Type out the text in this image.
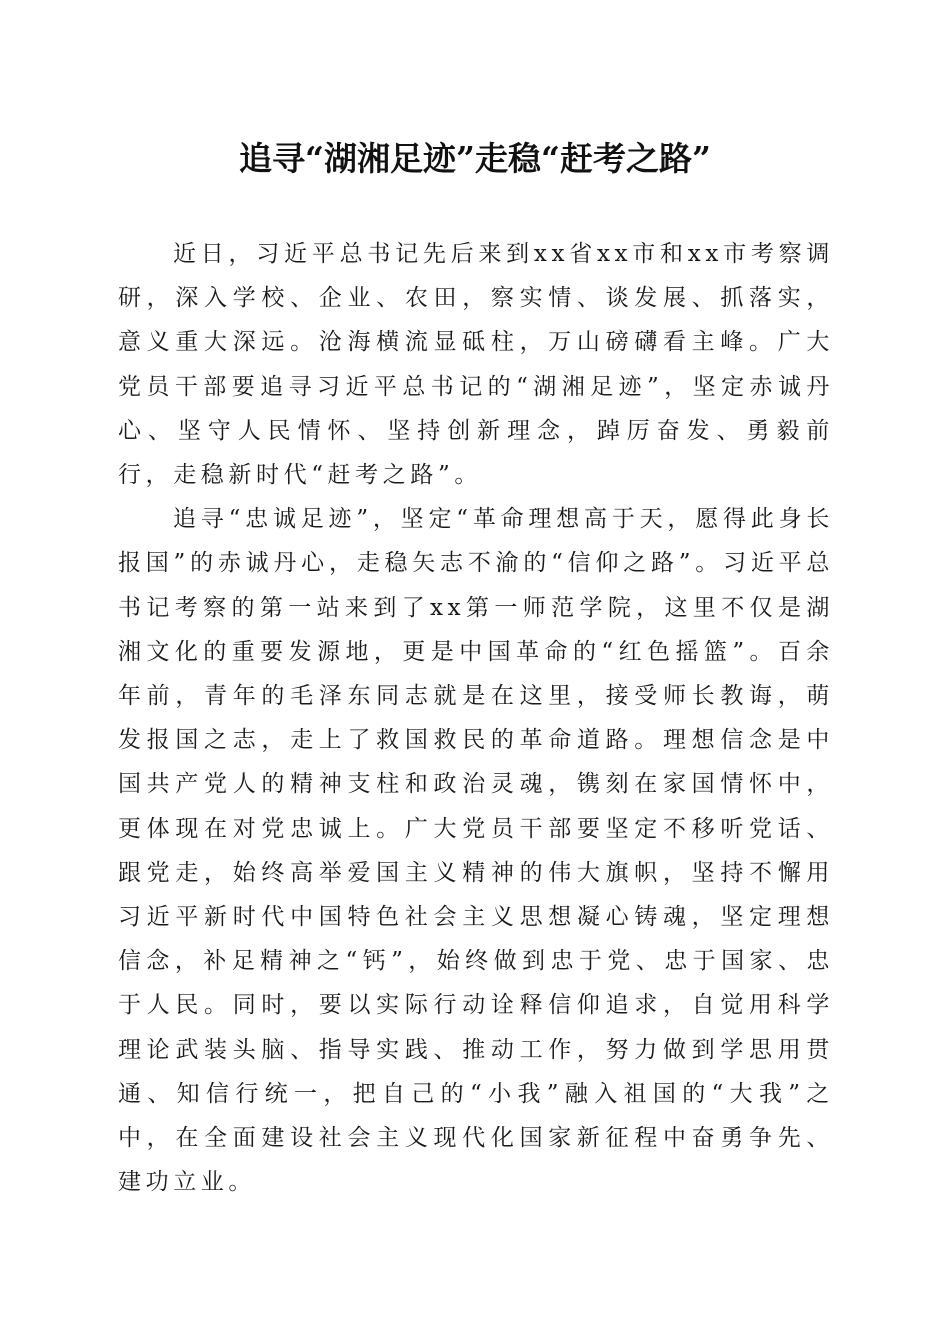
追寻“湖湘足迹”走稳“赶考之路”

近日，习近平总书记先后来到xx省xx市和xx市考察调研，深入学校、企业、农田，察实情、谈发展、抓落实，意义重大深远。沧海横流显砥柱，万山磅礴看主峰。广大党员干部要追寻习近平总书记的“湖湘足迹”，坚定赤诚丹心、坚守人民情怀、坚持创新理念，踔厉奋发、勇毅前行，走稳新时代“赶考之路”。

追寻“忠诚足迹”，坚定“革命理想高于天，愿得此身长报国”的赤诚丹心，走稳矢志不渝的“信仰之路”。习近平总书记考察的第一站来到了xx第一师范学院，这里不仅是湖湘文化的重要发源地，更是中国革命的“红色摇篮”。百余年前，青年的毛泽东同志就是在这里，接受师长教诲，萌发报国之志，走上了救国救民的革命道路。理想信念是中国共产党人的精神支柱和政治灵魂，镌刻在家国情怀中，更体现在对党忠诚上。广大党员干部要坚定不移听党话、跟党走，始终高举爱国主义精神的伟大旗帜，坚持不懈用习近平新时代中国特色社会主义思想凝心铸魂，坚定理想信念，补足精神之“钙”，始终做到忠于党、忠于国家、忠于人民。同时，要以实际行动诠释信仰追求，自觉用科学理论武装头脑、指导实践、推动工作，努力做到学思用贯通、知信行统一，把自己的“小我”融入祖国的“大我”之中，在全面建设社会主义现代化国家新征程中奋勇争先、建功立业。
